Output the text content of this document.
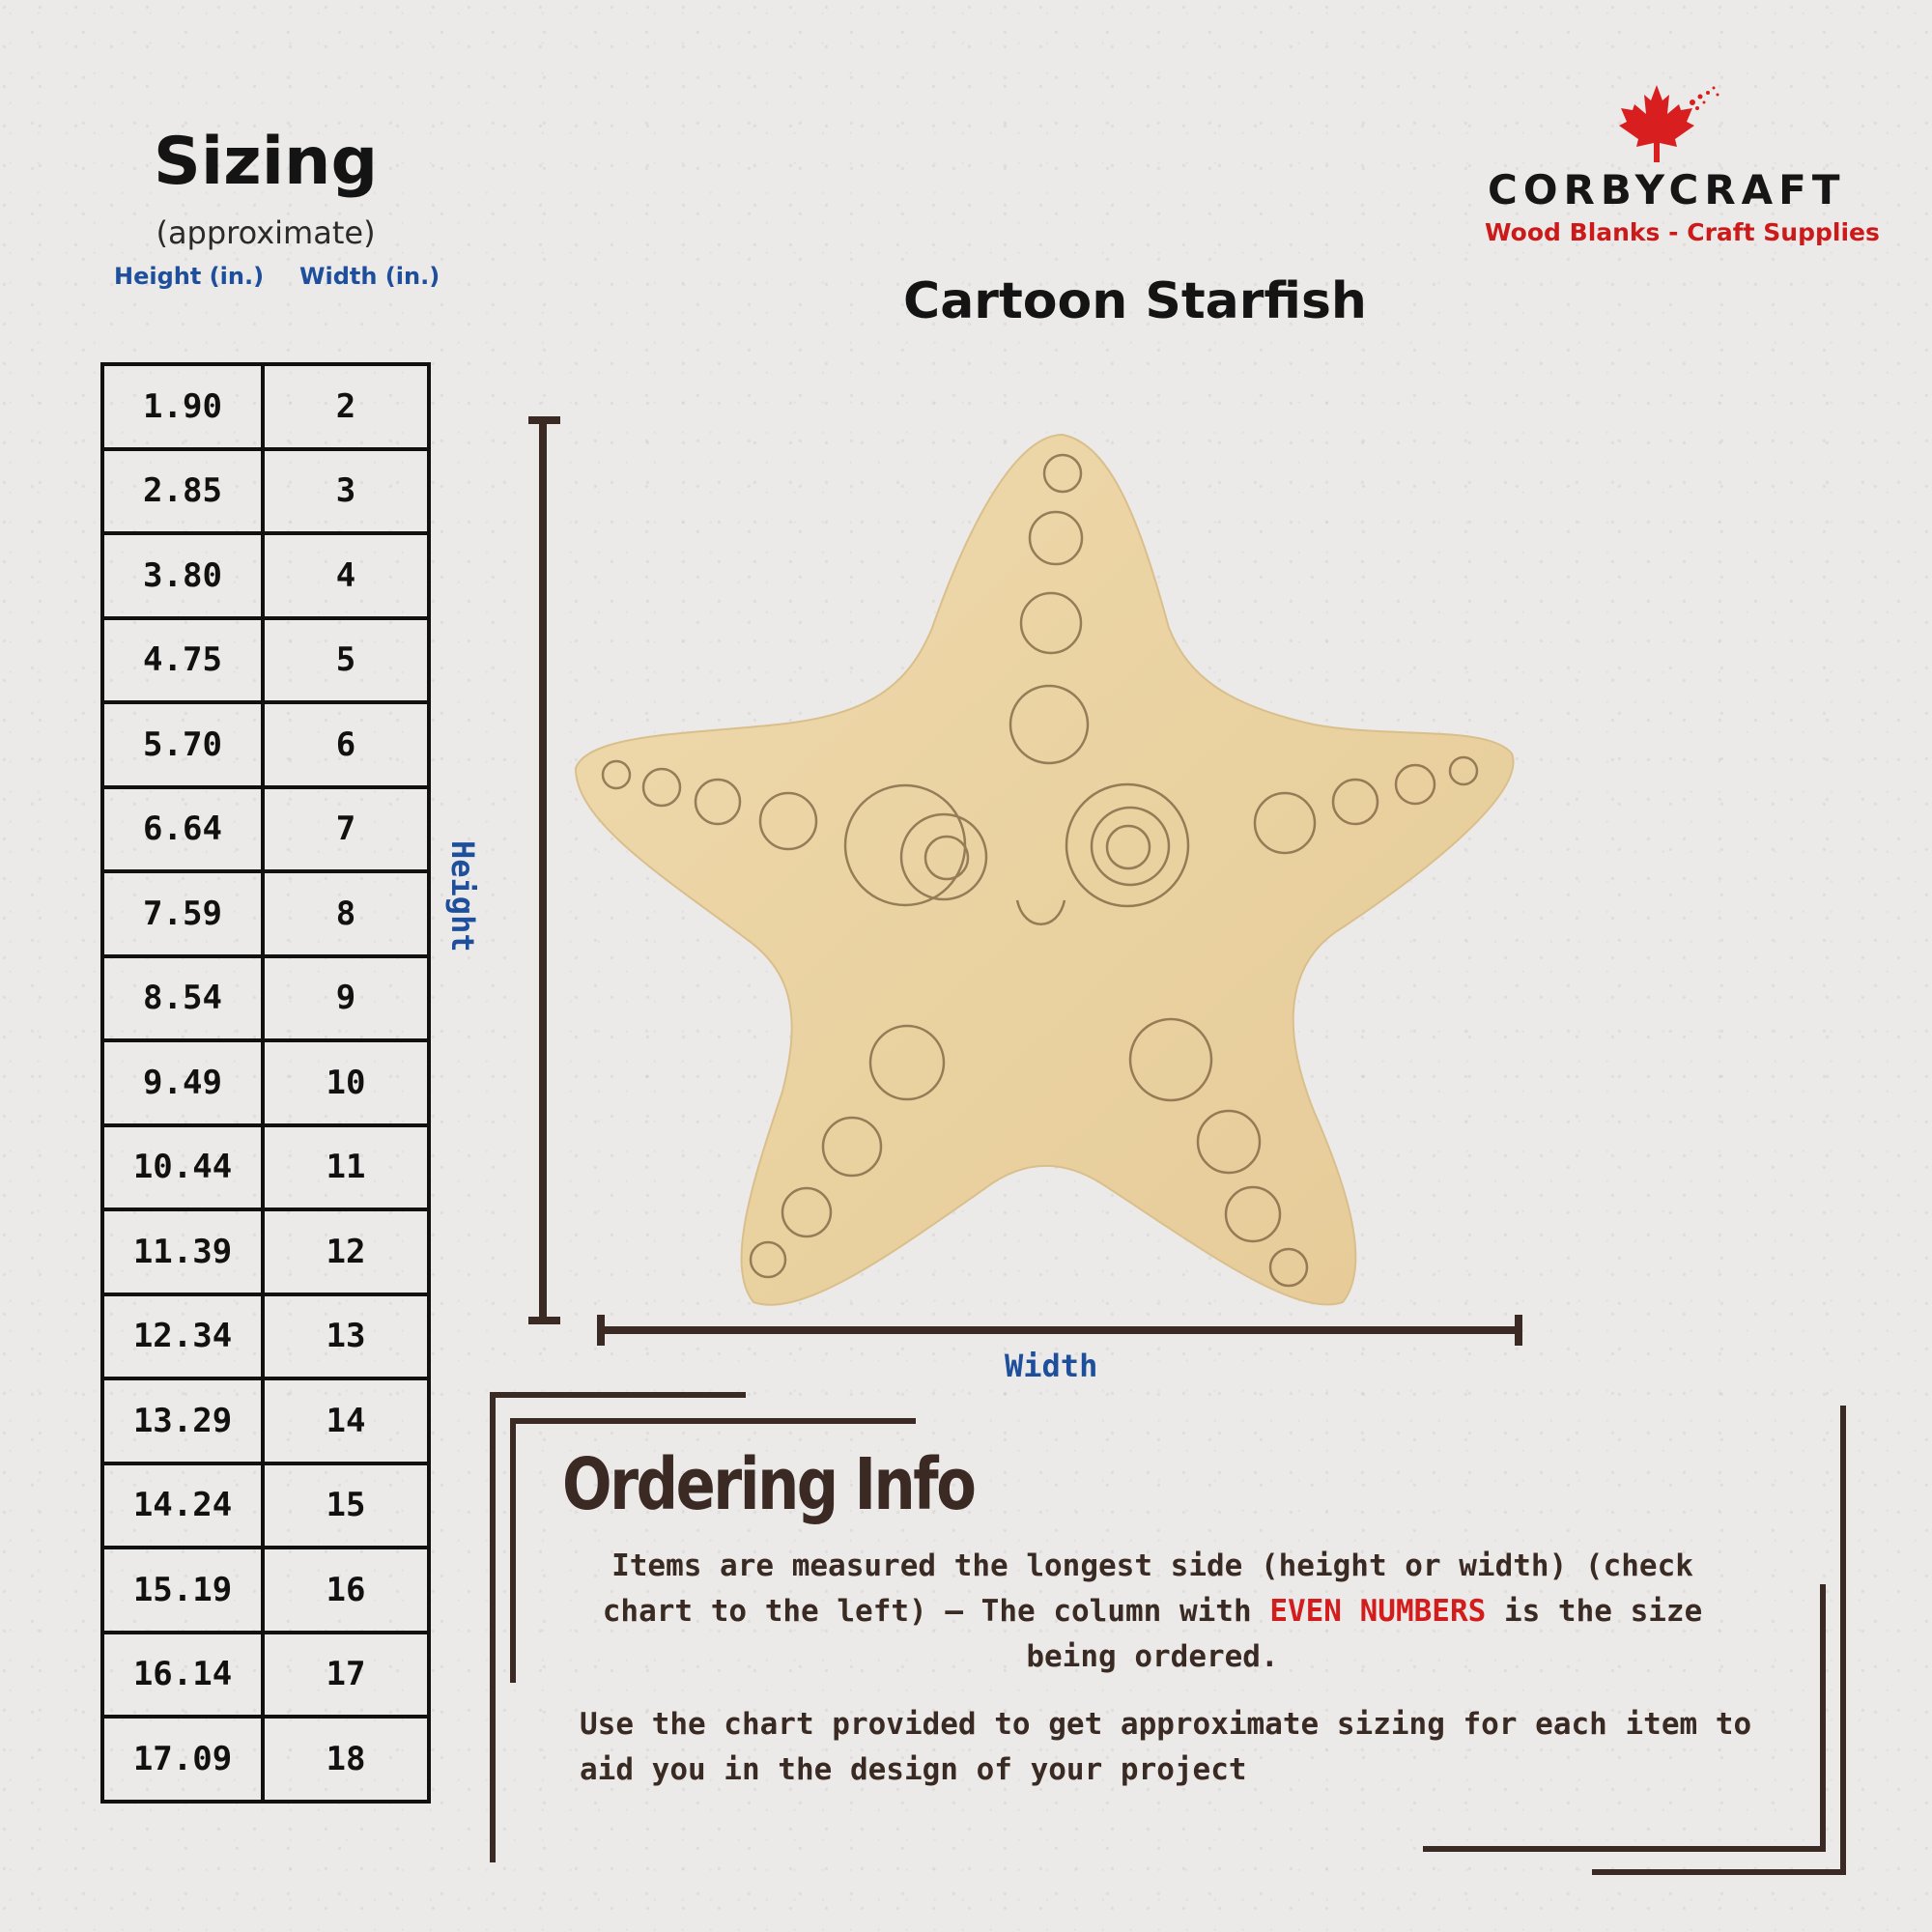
Sizing
(approximate)
Height (in.) Width (in.)
1.90	2
2.85	3
3.80	4
4.75	5
5.70	6
6.64	7
7.59	8
8.54	9
9.49	10
10.44	11
11.39	12
12.34	13
13.29	14
14.24	15
15.19	16
16.14	17
17.09	18
CORBYCRAFT
Wood Blanks - Craft Supplies
Cartoon Starfish
Height
Width
Ordering Info
Items are measured the longest side (height or width) (check chart to the left) – The column with EVEN NUMBERS is the size being ordered.
Use the chart provided to get approximate sizing for each item to aid you in the design of your project
